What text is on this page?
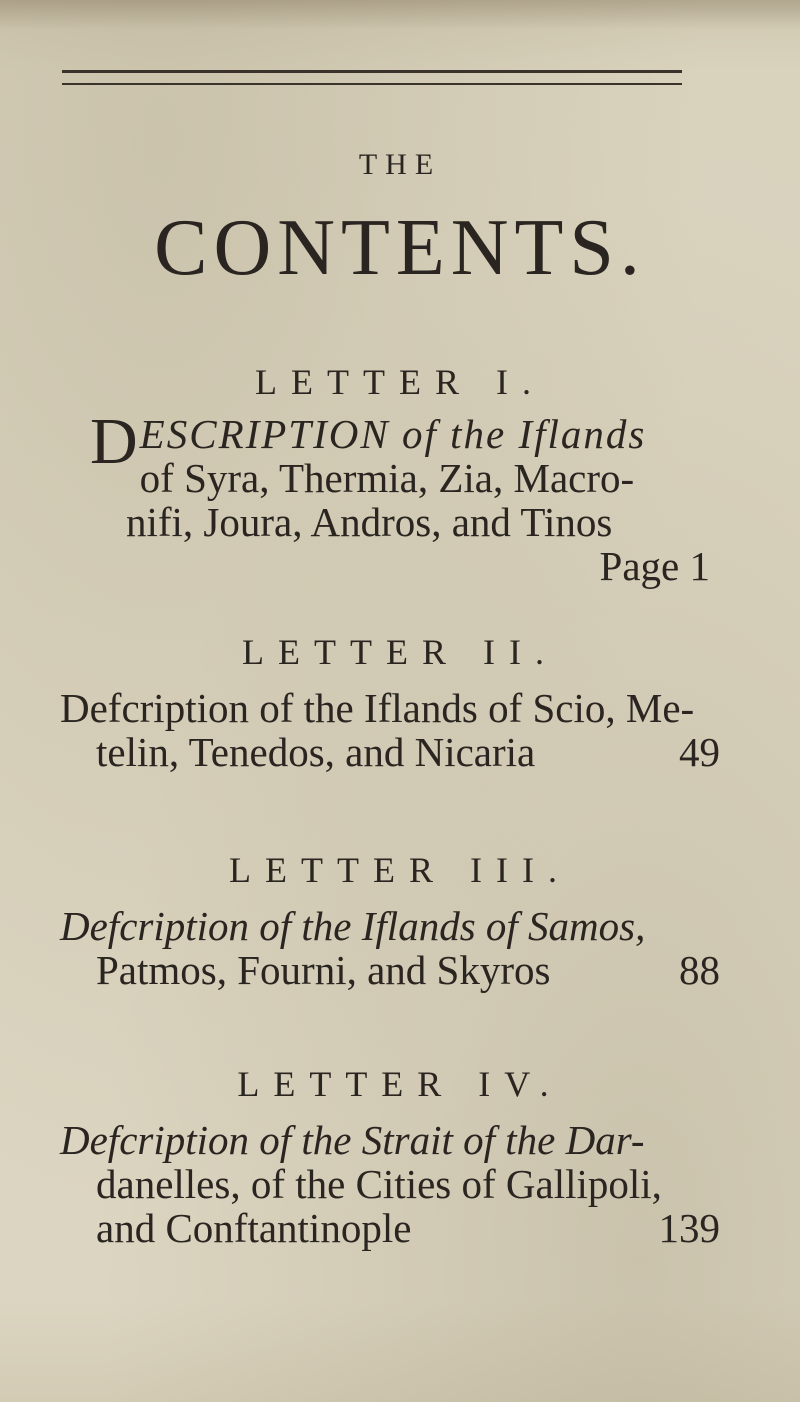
THE
CONTENTS.
LETTER I.
D ESCRIPTION of the Iflands
of Syra, Thermia, Zia, Macro-
nifi, Joura, Andros, and Tinos
Page 1
LETTER II.
Defcription of the Iflands of Scio, Me-
telin, Tenedos, and Nicaria	49
LETTER III.
Defcription of the Iflands of Samos,
Patmos, Fourni, and Skyros	88
LETTER IV.
Defcription of the Strait of the Dar-
danelles, of the Cities of Gallipoli,
and Conftantinople	139
